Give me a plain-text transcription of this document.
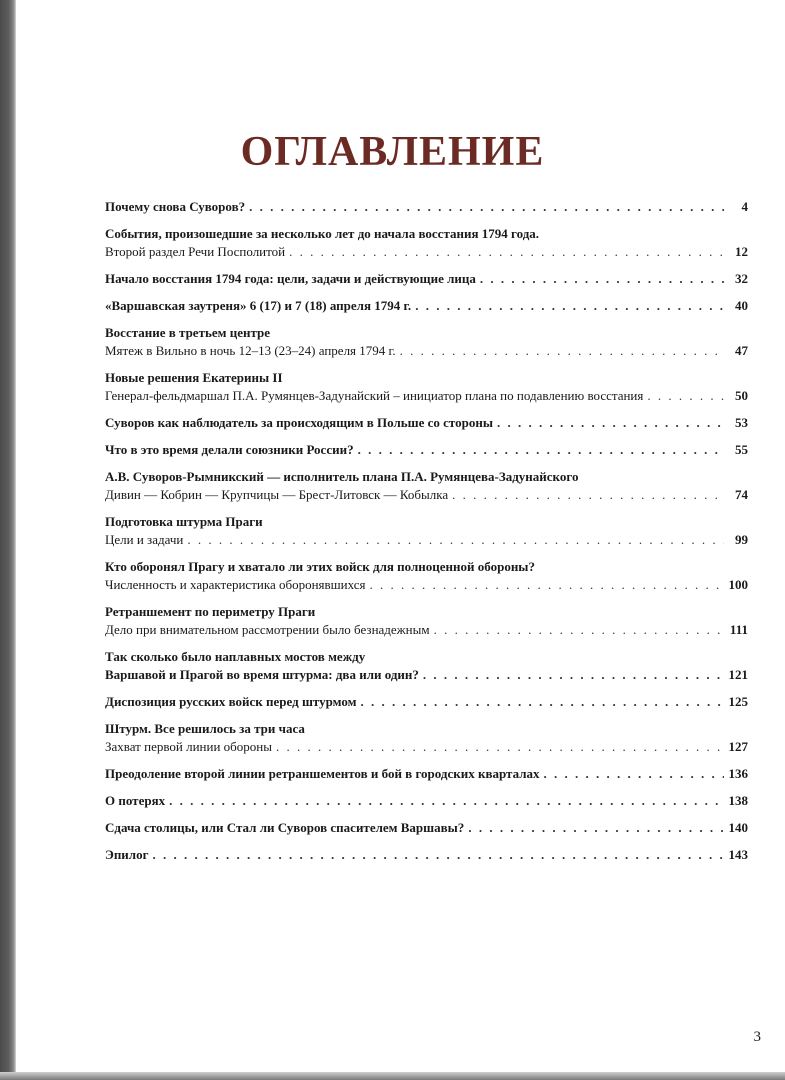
ОГЛАВЛЕНИЕ
Почему снова Суворов? . . .	4
События, произошедшие за несколько лет до начала восстания 1794 года.
Второй раздел Речи Посполитой . . .	12
Начало восстания 1794 года: цели, задачи и действующие лица . . .	32
«Варшавская заутреня» 6 (17) и 7 (18) апреля 1794 г. . . .	40
Восстание в третьем центре
Мятеж в Вильно в ночь 12–13 (23–24) апреля 1794 г. . . .	47
Новые решения Екатерины II
Генерал-фельдмаршал П.А. Румянцев-Задунайский – инициатор плана по подавлению восстания . . .	50
Суворов как наблюдатель за происходящим в Польше со стороны . . .	53
Что в это время делали союзники России? . . .	55
А.В. Суворов-Рымникский — исполнитель плана П.А. Румянцева-Задунайского
Дивин — Кобрин — Крупчицы — Брест-Литовск — Кобылка . . .	74
Подготовка штурма Праги
Цели и задачи . . .	99
Кто оборонял Прагу и хватало ли этих войск для полноценной обороны?
Численность и характеристика оборонявшихся . . .	100
Ретраншемент по периметру Праги
Дело при внимательном рассмотрении было безнадежным . . .	111
Так сколько было наплавных мостов между
Варшавой и Прагой во время штурма: два или один? . . .	121
Диспозиция русских войск перед штурмом . . .	125
Штурм. Все решилось за три часа
Захват первой линии обороны . . .	127
Преодоление второй линии ретраншементов и бой в городских кварталах . . .	136
О потерях . . .	138
Сдача столицы, или Стал ли Суворов спасителем Варшавы? . . .	140
Эпилог . . .	143
3
